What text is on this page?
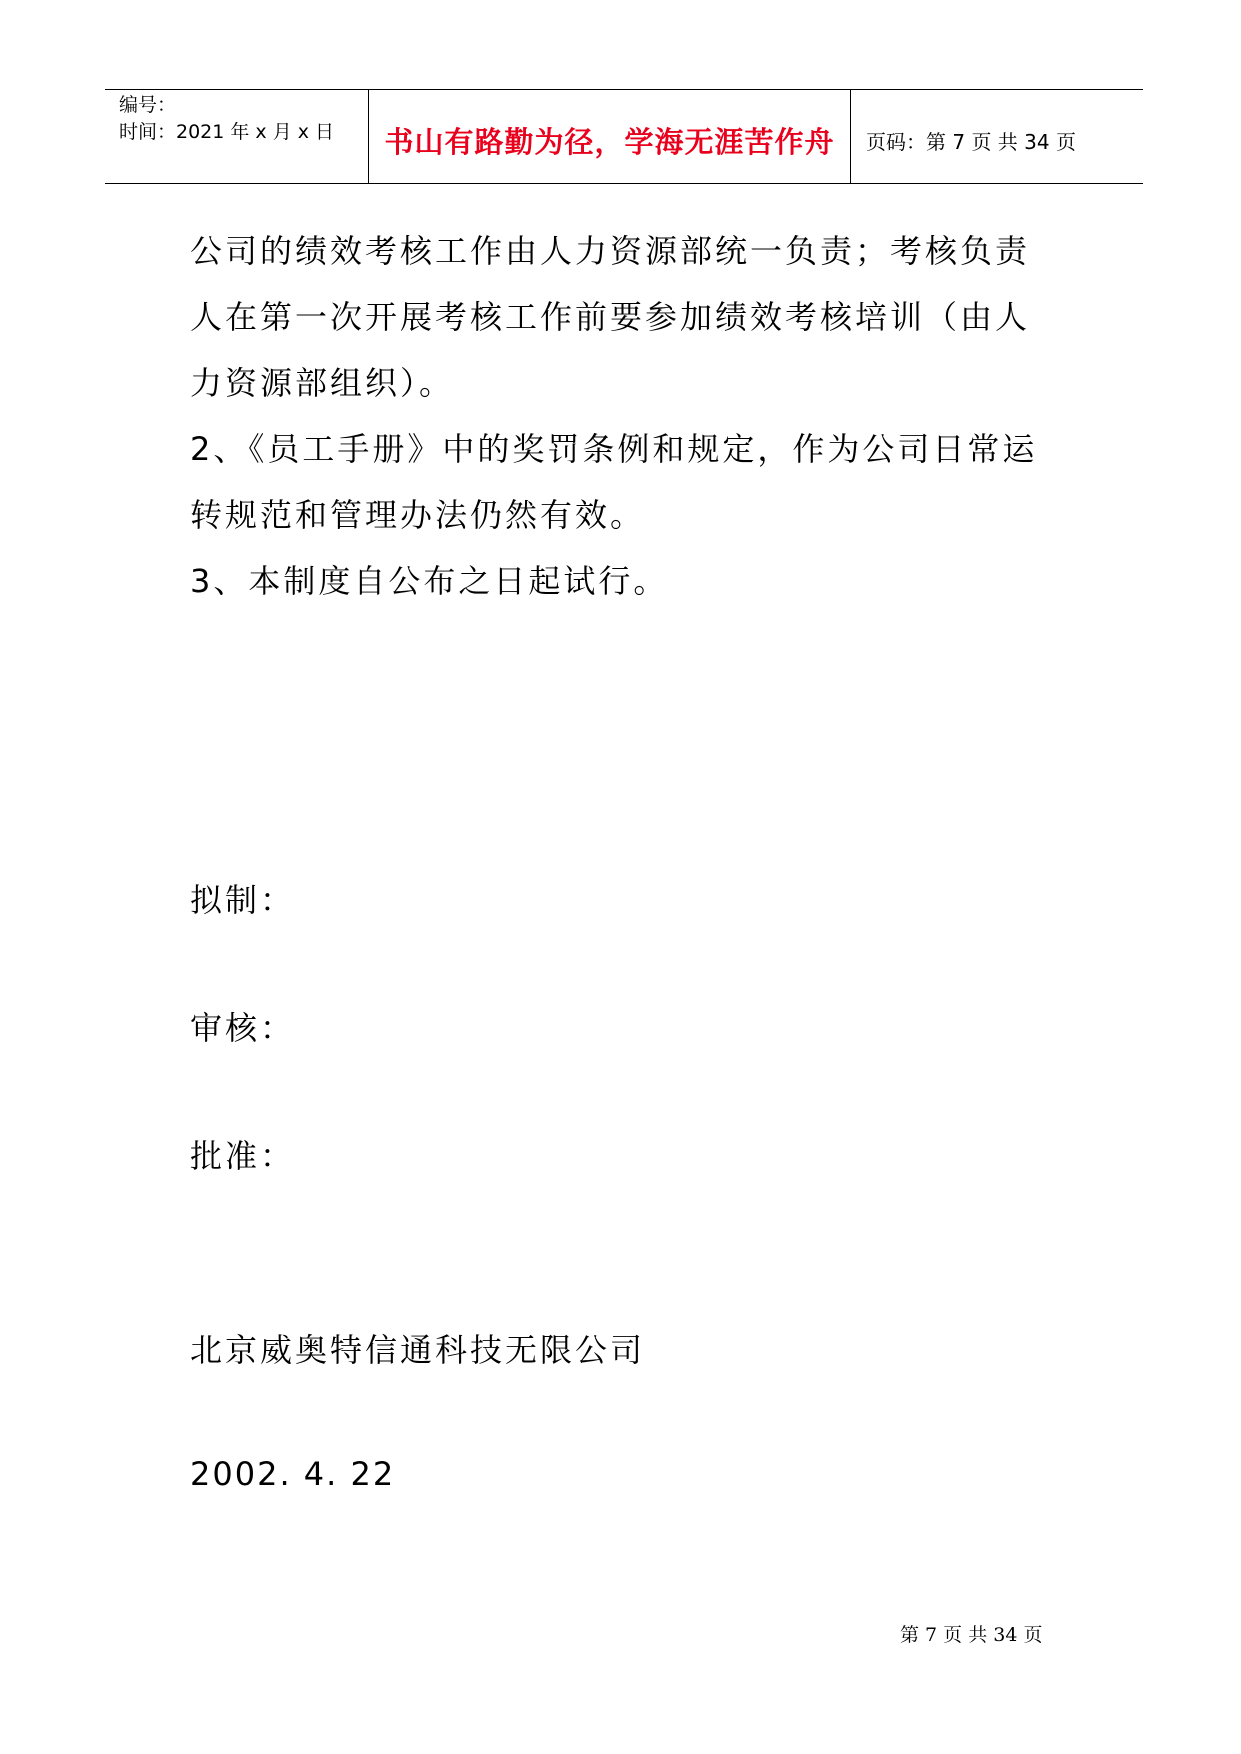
编号：
时间：2021 年 x 月 x 日	书山有路勤为径，学海无涯苦作舟	页码：第 7 页 共 34 页
公司的绩效考核工作由人力资源部统一负责；考核负责
人在第一次开展考核工作前要参加绩效考核培训（由人
力资源部组织）。
2、《员工手册》中的奖罚条例和规定，作为公司日常运
转规范和管理办法仍然有效。
3、本制度自公布之日起试行。
拟制：
审核：
批准：
北京威奥特信通科技无限公司
2002. 4. 22
第 7 页 共 34 页
